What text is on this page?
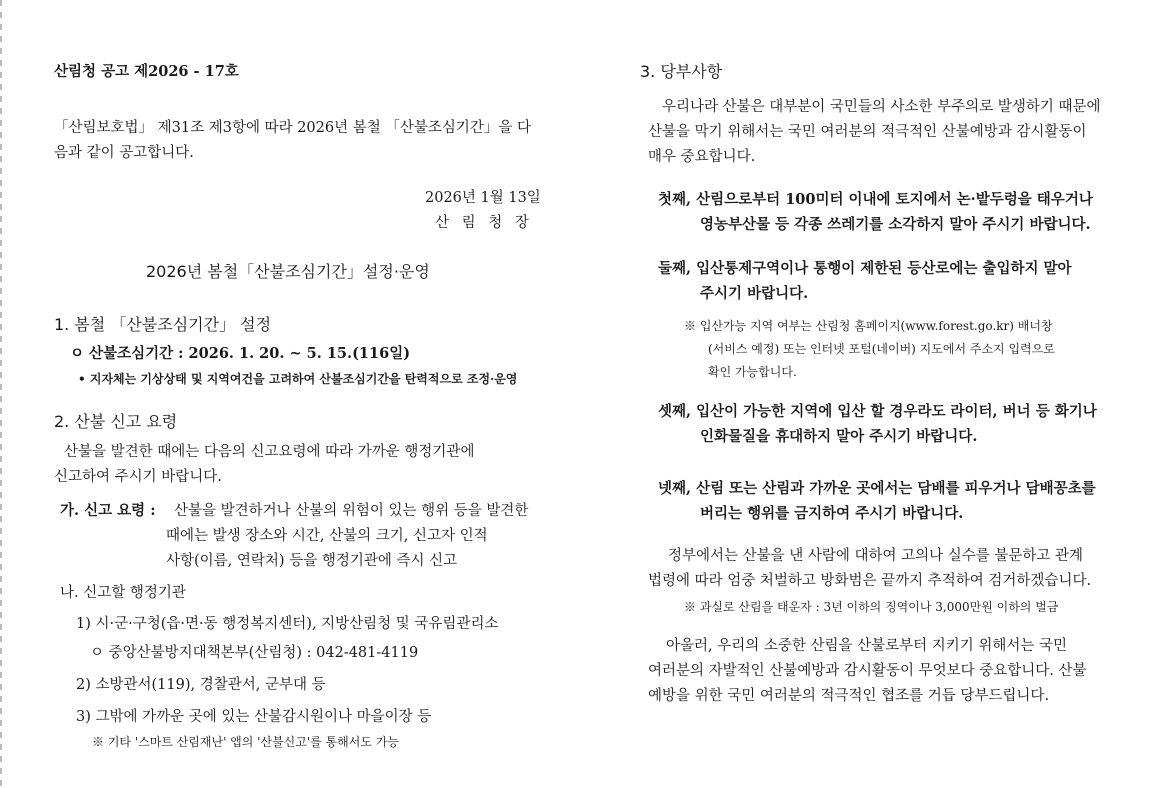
산림청 공고 제2026 - 17호
「산림보호법」 제31조 제3항에 따라 2026년 봄철 「산불조심기간」을 다
음과 같이 공고합니다.
2026년 1월 13일
산 림 청 장
2026년 봄철「산불조심기간」설정·운영
1. 봄철 「산불조심기간」 설정
ㅇ 산불조심기간 : 2026. 1. 20. ~ 5. 15.(116일)
• 지자체는 기상상태 및 지역여건을 고려하여 산불조심기간을 탄력적으로 조정·운영
2. 산불 신고 요령
산불을 발견한 때에는 다음의 신고요령에 따라 가까운 행정기관에
신고하여 주시기 바랍니다.
가. 신고 요령 : 산불을 발견하거나 산불의 위험이 있는 행위 등을 발견한
때에는 발생 장소와 시간, 산불의 크기, 신고자 인적
사항(이름, 연락처) 등을 행정기관에 즉시 신고
나. 신고할 행정기관
1) 시·군·구청(읍·면·동 행정복지센터), 지방산림청 및 국유림관리소
ㅇ 중앙산불방지대책본부(산림청) : 042-481-4119
2) 소방관서(119), 경찰관서, 군부대 등
3) 그밖에 가까운 곳에 있는 산불감시원이나 마을이장 등
※ 기타 '스마트 산림재난' 앱의 '산불신고'를 통해서도 가능
3. 당부사항
우리나라 산불은 대부분이 국민들의 사소한 부주의로 발생하기 때문에
산불을 막기 위해서는 국민 여러분의 적극적인 산불예방과 감시활동이
매우 중요합니다.
첫째, 산림으로부터 100미터 이내에 토지에서 논·밭두렁을 태우거나
영농부산물 등 각종 쓰레기를 소각하지 말아 주시기 바랍니다.
둘째, 입산통제구역이나 통행이 제한된 등산로에는 출입하지 말아
주시기 바랍니다.
※ 입산가능 지역 여부는 산림청 홈페이지(www.forest.go.kr) 배너창
(서비스 예정) 또는 인터넷 포털(네이버) 지도에서 주소지 입력으로
확인 가능합니다.
셋째, 입산이 가능한 지역에 입산 할 경우라도 라이터, 버너 등 화기나
인화물질을 휴대하지 말아 주시기 바랍니다.
넷째, 산림 또는 산림과 가까운 곳에서는 담배를 피우거나 담배꽁초를
버리는 행위를 금지하여 주시기 바랍니다.
정부에서는 산불을 낸 사람에 대하여 고의나 실수를 불문하고 관계
법령에 따라 엄중 처벌하고 방화범은 끝까지 추적하여 검거하겠습니다.
※ 과실로 산림을 태운자 : 3년 이하의 징역이나 3,000만원 이하의 벌금
아울러, 우리의 소중한 산림을 산불로부터 지키기 위해서는 국민
여러분의 자발적인 산불예방과 감시활동이 무엇보다 중요합니다. 산불
예방을 위한 국민 여러분의 적극적인 협조를 거듭 당부드립니다.
